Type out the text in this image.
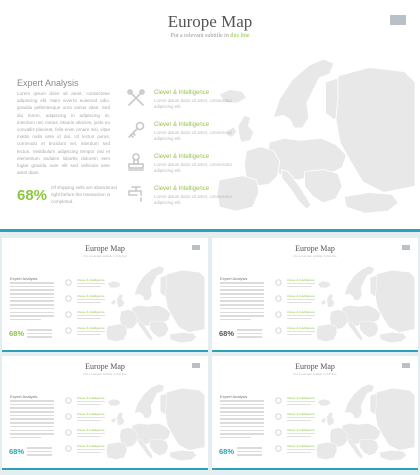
Europe Map
Put a relevant subtitle in this line
Expert Analysis
Lorem ipsum dolor sit amet, consectetur adipiscing elit. Nam viverra euismod odio, gravida pellentesque urna varius vitae. Sed dui lorem, adipiscing in adipiscing et, interdum nec metus. Mauris ultricies, justo eu convallis placerat, felis enim ornare nisi, vitae mattis nulla ante id dui. Ut lectus purus, commodo et tincidunt vel, interdum sed lectus. Vestibulum adipiscing tempor nisi et elementum sodales lobortis dolorem sem fugiat gravida nam elit sed vehicula ante amet diam.
68% Of shipping sells are abandoned right before the transaction is completed.
Clever & Intelligence
Lorem ipsum dolor sit amet, consectetur adipiscing elit.
Clever & Intelligence
Lorem ipsum dolor sit amet, consectetur adipiscing elit.
Clever & Intelligence
Lorem ipsum dolor sit amet, consectetur adipiscing elit.
Clever & Intelligence
Lorem ipsum dolor sit amet, consectetur adipiscing elit.
Europe Map
Put a relevant subtitle in this line
Expert Analysis
68%
Clever & Intelligence
Clever & Intelligence
Clever & Intelligence
Clever & Intelligence
Europe Map
Put a relevant subtitle in this line
Expert Analysis
68%
Clever & Intelligence
Clever & Intelligence
Clever & Intelligence
Clever & Intelligence
Europe Map
Put a relevant subtitle in this line
Expert Analysis
68%
Clever & Intelligence
Clever & Intelligence
Clever & Intelligence
Clever & Intelligence
Europe Map
Put a relevant subtitle in this line
Expert Analysis
68%
Clever & Intelligence
Clever & Intelligence
Clever & Intelligence
Clever & Intelligence
